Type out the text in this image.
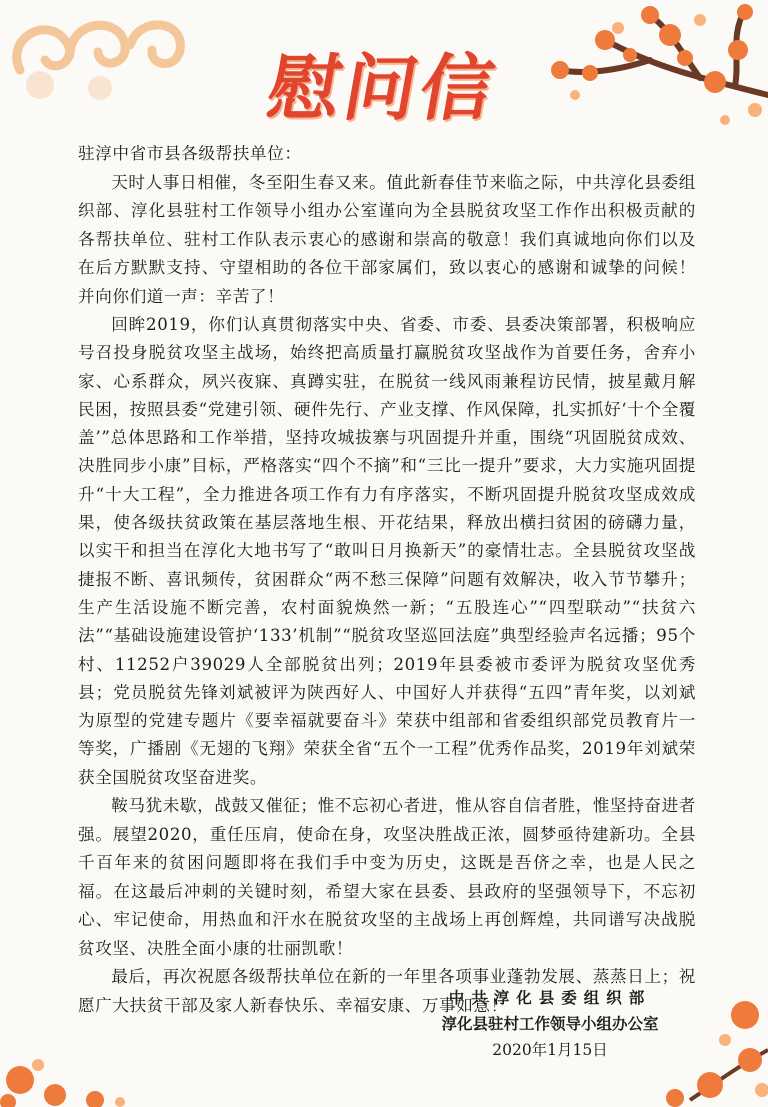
慰问信

驻淳中省市县各级帮扶单位：

天时人事日相催，冬至阳生春又来。值此新春佳节来临之际，中共淳化县委组织部、淳化县驻村工作领导小组办公室谨向为全县脱贫攻坚工作作出积极贡献的各帮扶单位、驻村工作队表示衷心的感谢和崇高的敬意！我们真诚地向你们以及在后方默默支持、守望相助的各位干部家属们，致以衷心的感谢和诚挚的问候！并向你们道一声：辛苦了！

回眸2019，你们认真贯彻落实中央、省委、市委、县委决策部署，积极响应号召投身脱贫攻坚主战场，始终把高质量打赢脱贫攻坚战作为首要任务，舍弃小家、心系群众，夙兴夜寐、真蹲实驻，在脱贫一线风雨兼程访民情，披星戴月解民困，按照县委“党建引领、硬件先行、产业支撑、作风保障，扎实抓好‘十个全覆盖’”总体思路和工作举措，坚持攻城拔寨与巩固提升并重，围绕“巩固脱贫成效、决胜同步小康”目标，严格落实“四个不摘”和“三比一提升”要求，大力实施巩固提升“十大工程”，全力推进各项工作有力有序落实，不断巩固提升脱贫攻坚成效成果，使各级扶贫政策在基层落地生根、开花结果，释放出横扫贫困的磅礴力量，以实干和担当在淳化大地书写了“敢叫日月换新天”的豪情壮志。全县脱贫攻坚战捷报不断、喜讯频传，贫困群众“两不愁三保障”问题有效解决，收入节节攀升；生产生活设施不断完善，农村面貌焕然一新；“五股连心”“四型联动”“扶贫六法”“基础设施建设管护‘133’机制”“脱贫攻坚巡回法庭”典型经验声名远播；95个村、11252户39029人全部脱贫出列；2019年县委被市委评为脱贫攻坚优秀县；党员脱贫先锋刘斌被评为陕西好人、中国好人并获得“五四”青年奖，以刘斌为原型的党建专题片《要幸福就要奋斗》荣获中组部和省委组织部党员教育片一等奖，广播剧《无翅的飞翔》荣获全省“五个一工程”优秀作品奖，2019年刘斌荣获全国脱贫攻坚奋进奖。

鞍马犹未歇，战鼓又催征；惟不忘初心者进，惟从容自信者胜，惟坚持奋进者强。展望2020，重任压肩，使命在身，攻坚决胜战正浓，圆梦亟待建新功。全县千百年来的贫困问题即将在我们手中变为历史，这既是吾侪之幸，也是人民之福。在这最后冲刺的关键时刻，希望大家在县委、县政府的坚强领导下，不忘初心、牢记使命，用热血和汗水在脱贫攻坚的主战场上再创辉煌，共同谱写决战脱贫攻坚、决胜全面小康的壮丽凯歌！

最后，再次祝愿各级帮扶单位在新的一年里各项事业蓬勃发展、蒸蒸日上；祝愿广大扶贫干部及家人新春快乐、幸福安康、万事如意！

中共淳化县委组织部
淳化县驻村工作领导小组办公室
2020年1月15日
